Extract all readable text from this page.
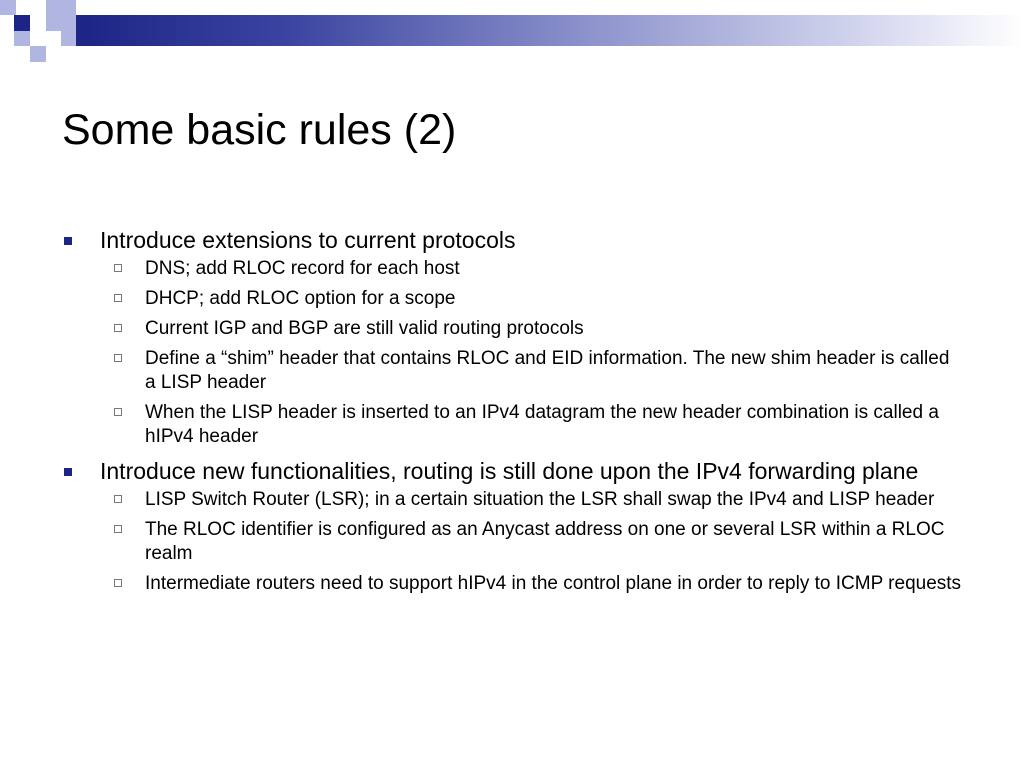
Some basic rules (2)
Introduce extensions to current protocols
DNS; add RLOC record for each host
DHCP; add RLOC option for a scope
Current IGP and BGP are still valid routing protocols
Define a “shim” header that contains RLOC and EID information. The new shim header is called a LISP header
When the LISP header is inserted to an IPv4 datagram the new header combination is called a hIPv4 header
Introduce new functionalities, routing is still done upon the IPv4 forwarding plane
LISP Switch Router (LSR); in a certain situation the LSR shall swap the IPv4 and LISP header
The RLOC identifier is configured as an Anycast address on one or several LSR within a RLOC realm
Intermediate routers need to support hIPv4 in the control plane in order to reply to ICMP requests
